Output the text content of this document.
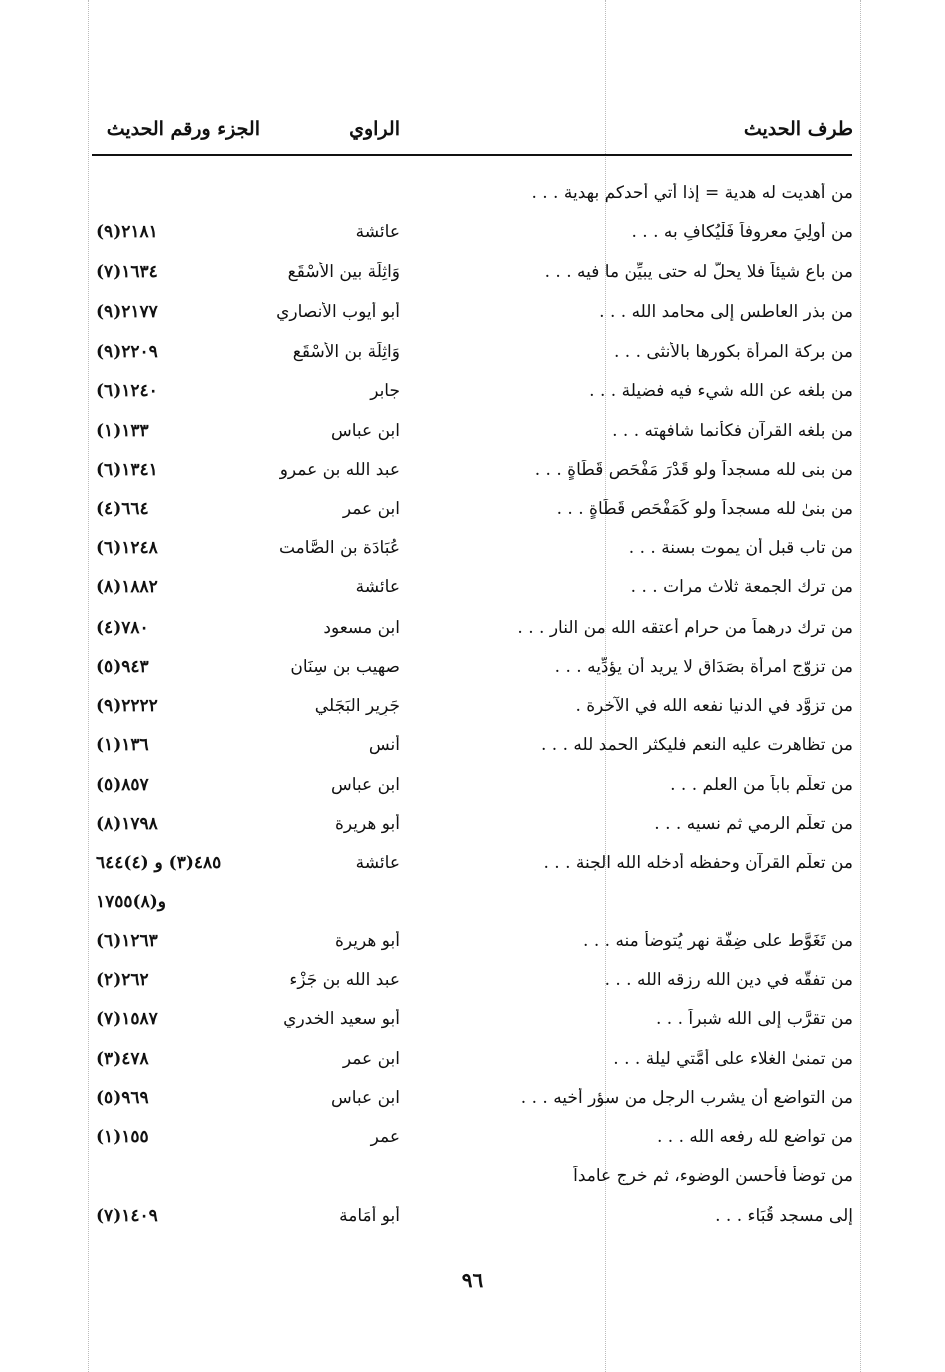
طرف الحديث
الراوي
الجزء ورقم الحديث
من أهديت له هدية = إذا أُتي أحدكم بهدية . . .
من أُولِيَ معروفاً فَلْيُكافِ به . . .
عائشة
٢١٨١(٩)
من باع شيئاً فلا يحلُّ له حتى يبيِّن ما فيه . . .
وَاثِلَة بين الأَسْقَع
١٦٣٤(٧)
من بذر العاطس إلى محامد الله . . .
أبو أيوب الأنصاري
٢١٧٧(٩)
من بركة المرأة بكورها بالأنثى . . .
وَاثِلَة بن الأَسْقَع
٢٢٠٩(٩)
من بلغه عن الله شيء فيه فضيلة . . .
جابر
١٢٤٠(٦)
من بلغه القرآن فكأنما شافهته . . .
ابن عباس
١٣٣(١)
من بنى لله مسجداً ولو قَدْرَ مَفْحَصِ قَطَاةٍ . . .
عبد الله بن عمرو
١٣٤١(٦)
من بنىٰ لله مسجداً ولو كَمَفْحَصِ قَطَاةٍ . . .
ابن عمر
٦٦٤(٤)
من تاب قبل أن يموت بسنة . . .
عُبَادَة بن الصَّامت
١٢٤٨(٦)
من ترك الجمعة ثلاث مرات . . .
عائشة
١٨٨٢(٨)
من ترك درهماً من حرام أعتقه الله من النار . . .
ابن مسعود
٧٨٠(٤)
من تزوّج امرأة بصَدَاق لا يريد أن يؤدِّيه . . .
صهيب بن سِنَان
٩٤٣(٥)
من تزوَّد في الدنيا نفعه الله في الآخرة .
جَرِير البَجَلي
٢٢٢٢(٩)
من تظاهرت عليه النعم فليكثر الحمد لله . . .
أنس
١٣٦(١)
من تعلَّم باباً من العلم . . .
ابن عباس
٨٥٧(٥)
من تعلَّم الرمي ثم نسيه . . .
أبو هريرة
١٧٩٨(٨)
من تعلَّم القرآن وحفظه أدخله الله الجنة . . .
عائشة
٤٨٥(٣) و (٤)٦٤٤
و(٨)١٧٥٥
من تَغَوَّط على ضِفَّة نهر يُتوضأ منه . . .
أبو هريرة
١٢٦٣(٦)
من تفقَّه في دين الله رزقه الله . . .
عبد الله بن جَزْء
٢٦٢(٢)
من تقرَّب إلى الله شبراً . . .
أبو سعيد الخدري
١٥٨٧(٧)
من تمنىٰ الغلاء على أُمَّتي ليلة . . .
ابن عمر
٤٧٨(٣)
من التواضع أن يشرب الرجل من سؤر أخيه . . .
ابن عباس
٩٦٩(٥)
من تواضع لله رفعه الله . . .
عمر
١٥٥(١)
من توضأ فأحسن الوضوء، ثم خرج عامداً
إلى مسجد قُبَاء . . .
أبو أُمَامة
١٤٠٩(٧)
٩٦
